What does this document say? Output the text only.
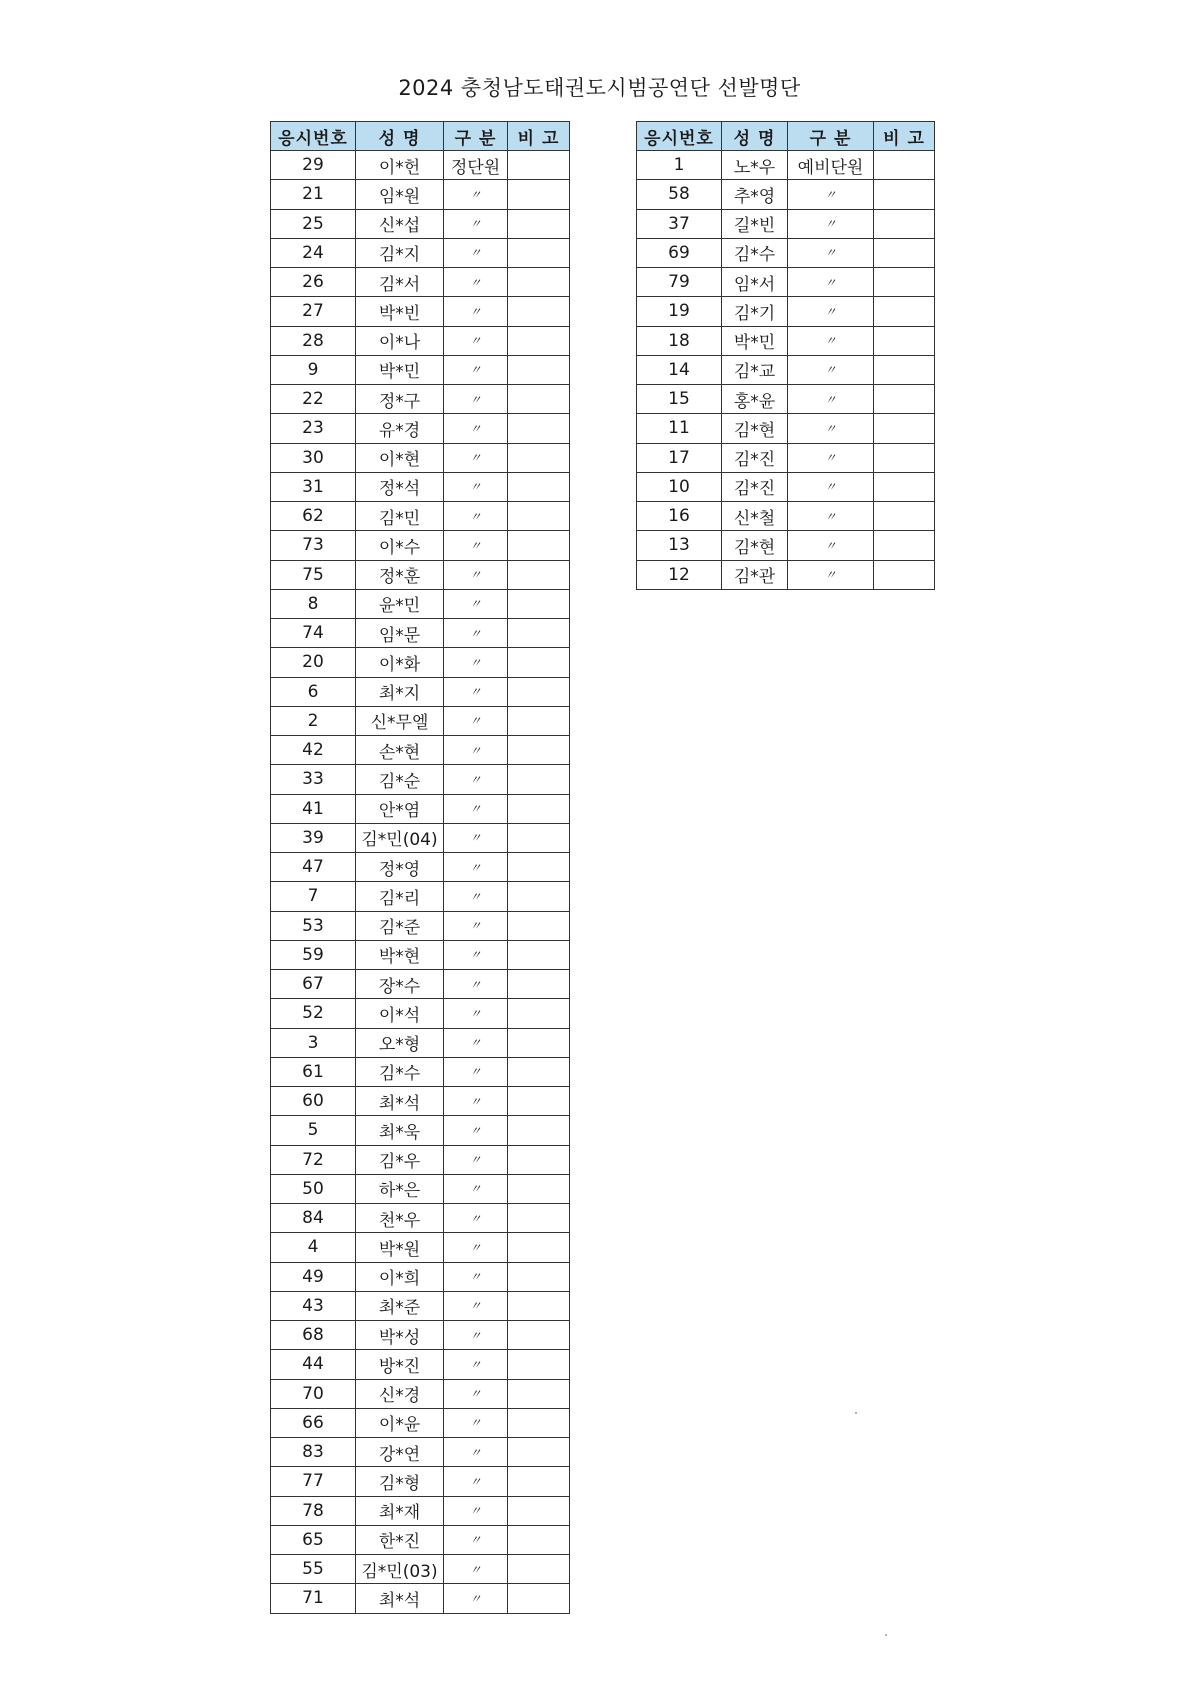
2024 충청남도태권도시범공연단 선발명단
응시번호	성 명	구 분	비 고
29	이*헌	정단원	
21	임*원	〃	
25	신*섭	〃	
24	김*지	〃	
26	김*서	〃	
27	박*빈	〃	
28	이*나	〃	
9	박*민	〃	
22	정*구	〃	
23	유*경	〃	
30	이*현	〃	
31	정*석	〃	
62	김*민	〃	
73	이*수	〃	
75	정*훈	〃	
8	윤*민	〃	
74	임*문	〃	
20	이*화	〃	
6	최*지	〃	
2	신*무엘	〃	
42	손*현	〃	
33	김*순	〃	
41	안*염	〃	
39	김*민(04)	〃	
47	정*영	〃	
7	김*리	〃	
53	김*준	〃	
59	박*현	〃	
67	장*수	〃	
52	이*석	〃	
3	오*형	〃	
61	김*수	〃	
60	최*석	〃	
5	최*욱	〃	
72	김*우	〃	
50	하*은	〃	
84	천*우	〃	
4	박*원	〃	
49	이*희	〃	
43	최*준	〃	
68	박*성	〃	
44	방*진	〃	
70	신*경	〃	
66	이*윤	〃	
83	강*연	〃	
77	김*형	〃	
78	최*재	〃	
65	한*진	〃	
55	김*민(03)	〃	
71	최*석	〃	
응시번호	성 명	구 분	비 고
1	노*우	예비단원	
58	추*영	〃	
37	길*빈	〃	
69	김*수	〃	
79	임*서	〃	
19	김*기	〃	
18	박*민	〃	
14	김*교	〃	
15	홍*윤	〃	
11	김*현	〃	
17	김*진	〃	
10	김*진	〃	
16	신*철	〃	
13	김*현	〃	
12	김*관	〃	
